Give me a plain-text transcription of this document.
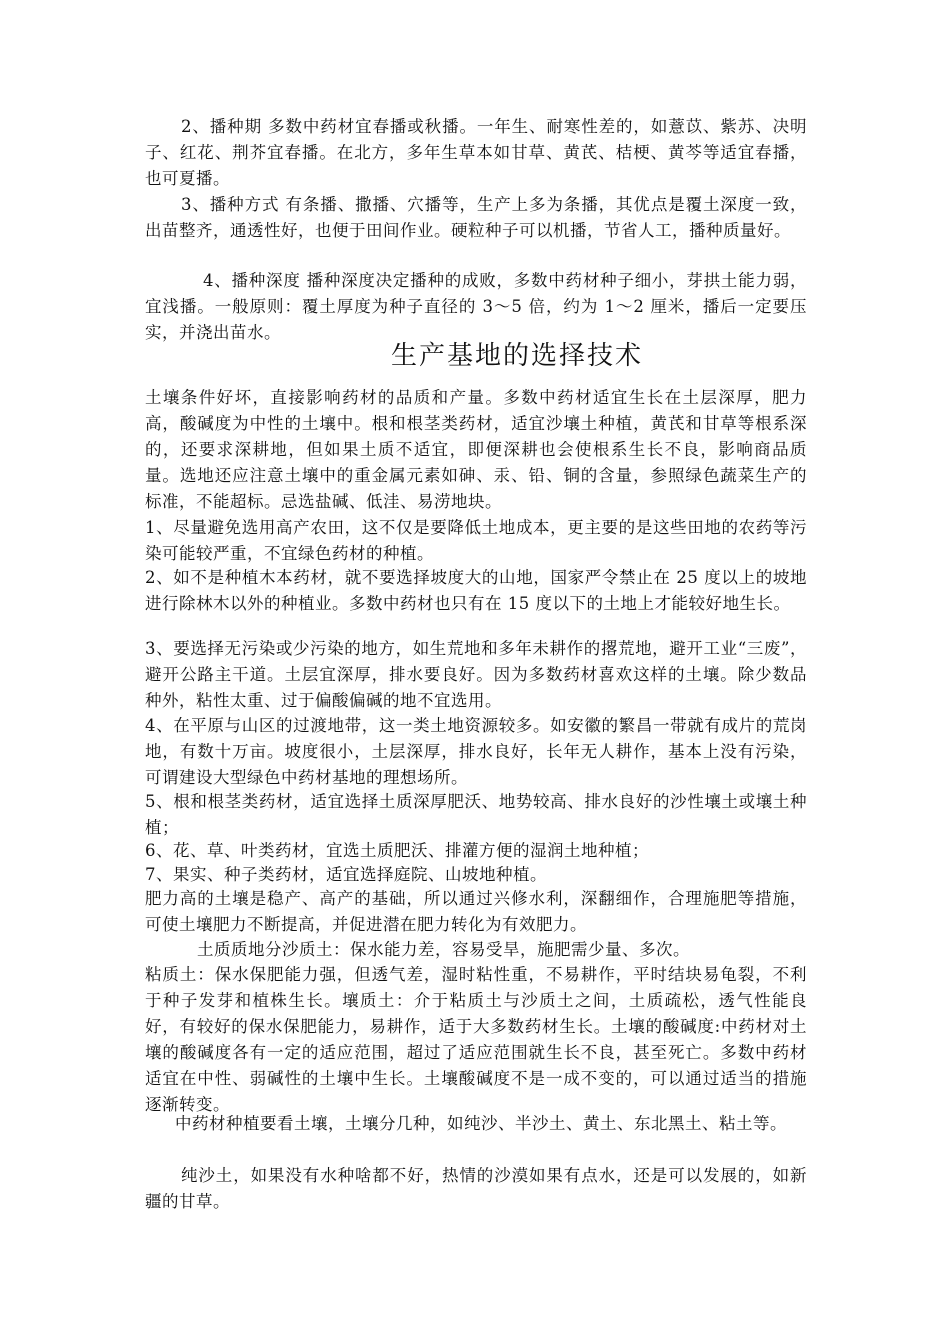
2、播种期 多数中药材宜春播或秋播。一年生、耐寒性差的，如薏苡、紫苏、决明子、红花、荆芥宜春播。在北方，多年生草本如甘草、黄芪、桔梗、黄芩等适宜春播，也可夏播。

3、播种方式 有条播、撒播、穴播等，生产上多为条播，其优点是覆土深度一致，出苗整齐，通透性好，也便于田间作业。硬粒种子可以机播，节省人工，播种质量好。

4、播种深度 播种深度决定播种的成败，多数中药材种子细小，芽拱土能力弱，宜浅播。一般原则：覆土厚度为种子直径的 3～5 倍，约为 1～2 厘米，播后一定要压实，并浇出苗水。

生产基地的选择技术

土壤条件好坏，直接影响药材的品质和产量。多数中药材适宜生长在土层深厚，肥力高，酸碱度为中性的土壤中。根和根茎类药材，适宜沙壤土种植，黄芪和甘草等根系深的，还要求深耕地，但如果土质不适宜，即便深耕也会使根系生长不良，影响商品质量。选地还应注意土壤中的重金属元素如砷、汞、铅、铜的含量，参照绿色蔬菜生产的标准，不能超标。忌选盐碱、低洼、易涝地块。

1、尽量避免选用高产农田，这不仅是要降低土地成本，更主要的是这些田地的农药等污染可能较严重，不宜绿色药材的种植。

2、如不是种植木本药材，就不要选择坡度大的山地，国家严令禁止在 25 度以上的坡地进行除林木以外的种植业。多数中药材也只有在 15 度以下的土地上才能较好地生长。

3、要选择无污染或少污染的地方，如生荒地和多年未耕作的撂荒地，避开工业“三废”，避开公路主干道。土层宜深厚，排水要良好。因为多数药材喜欢这样的土壤。除少数品种外，粘性太重、过于偏酸偏碱的地不宜选用。

4、在平原与山区的过渡地带，这一类土地资源较多。如安徽的繁昌一带就有成片的荒岗地，有数十万亩。坡度很小，土层深厚，排水良好，长年无人耕作，基本上没有污染，可谓建设大型绿色中药材基地的理想场所。

5、根和根茎类药材，适宜选择土质深厚肥沃、地势较高、排水良好的沙性壤土或壤土种植；

6、花、草、叶类药材，宜选土质肥沃、排灌方便的湿润土地种植；

7、果实、种子类药材，适宜选择庭院、山坡地种植。

肥力高的土壤是稳产、高产的基础，所以通过兴修水利，深翻细作，合理施肥等措施，可使土壤肥力不断提高，并促进潜在肥力转化为有效肥力。

土质质地分沙质土：保水能力差，容易受旱，施肥需少量、多次。

粘质土：保水保肥能力强，但透气差，湿时粘性重，不易耕作，平时结块易龟裂，不利于种子发芽和植株生长。壤质土：介于粘质土与沙质土之间，土质疏松，透气性能良好，有较好的保水保肥能力，易耕作，适于大多数药材生长。土壤的酸碱度:中药材对土壤的酸碱度各有一定的适应范围，超过了适应范围就生长不良，甚至死亡。多数中药材适宜在中性、弱碱性的土壤中生长。土壤酸碱度不是一成不变的，可以通过适当的措施逐渐转变。

中药材种植要看土壤，土壤分几种，如纯沙、半沙土、黄土、东北黑土、粘土等。

纯沙土，如果没有水种啥都不好，热情的沙漠如果有点水，还是可以发展的，如新疆的甘草。
